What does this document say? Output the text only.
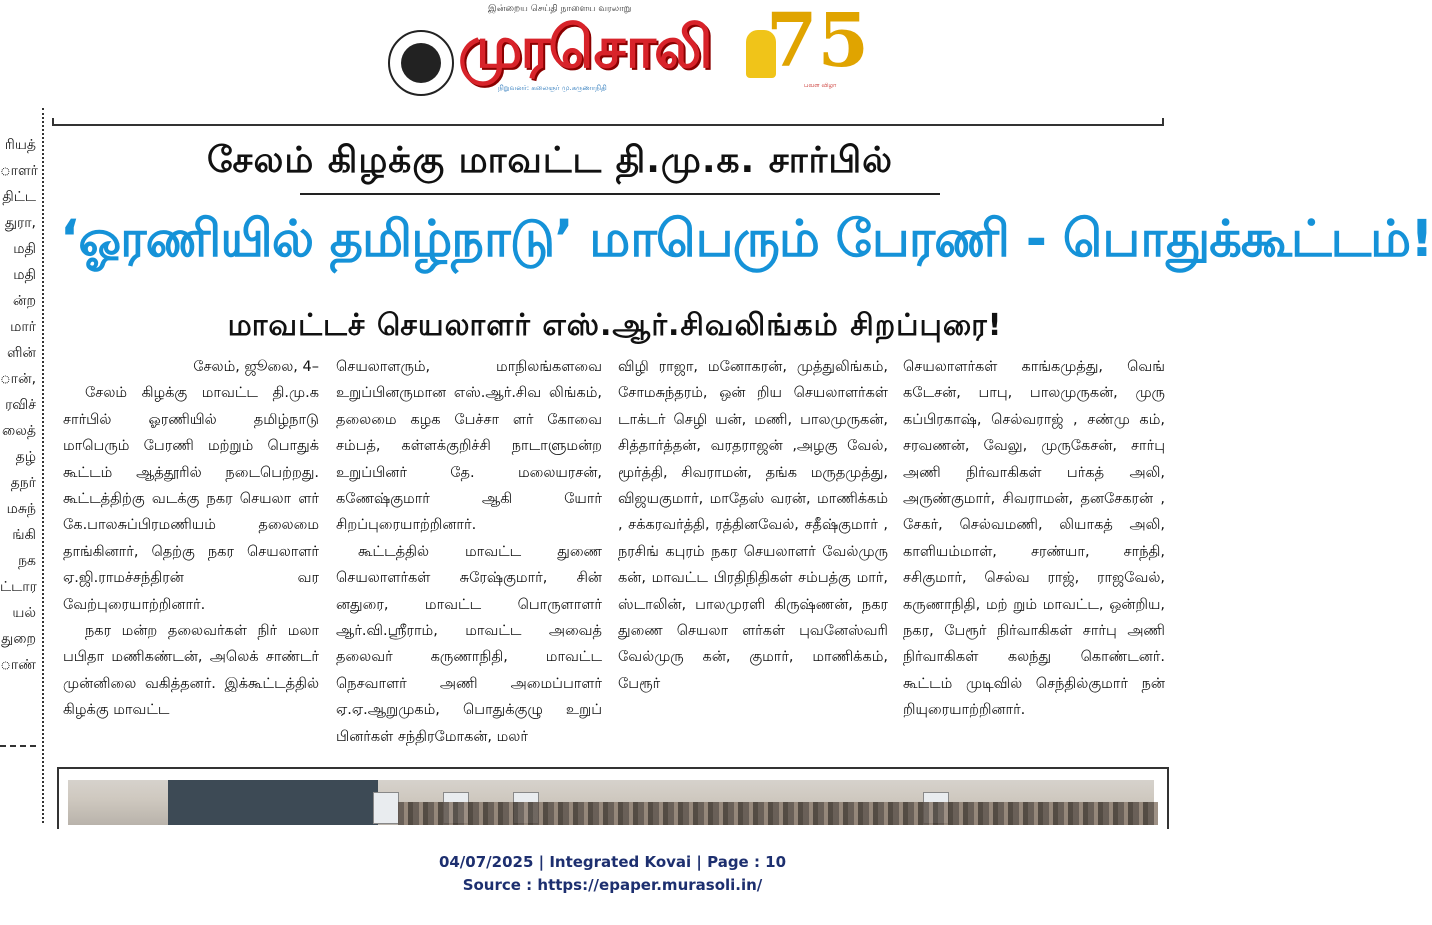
இன்றைய செய்தி நாளைய வரலாறு
முரசொலி
நிறுவனர்: கலைஞர் மு.கருணாநிதி
75
பவள விழா
ரியத்
ாளர்
திட்ட
துரா,
மதி
மதி
ன்ற
மார்
ளின்
ான்,
ரவிச்
லைத்
தழ்
தநர்
மசுந்
ங்கி
நக
ட்டார
யல்
துறை
ாண்
சேலம் கிழக்கு மாவட்ட தி.மு.க. சார்பில்
‘ஓரணியில் தமிழ்நாடு’ மாபெரும் பேரணி - பொதுக்கூட்டம்!
மாவட்டச் செயலாளர் எஸ்.ஆர்.சிவலிங்கம் சிறப்புரை!

சேலம், ஜூலை, 4–

சேலம் கிழக்கு மாவட்ட தி.மு.க சார்பில் ஓரணியில் தமிழ்நாடு மாபெரும் பேரணி மற்றும் பொதுக் கூட்டம் ஆத்தூரில் நடைபெற்றது. கூட்டத்திற்கு வடக்கு நகர செயலா ளர் கே.பாலசுப்பிரமணியம் தலைமை தாங்கினார், தெற்கு நகர செயலாளர் ஏ.ஜி.ராமச்சந்திரன் வர வேற்புரையாற்றினார்.

நகர மன்ற தலைவர்கள் நிர் மலா பபிதா மணிகண்டன், அலெக் சாண்டர் முன்னிலை வகித்தனர். இக்கூட்டத்தில் கிழக்கு மாவட்ட

செயலாளரும், மாநிலங்களவை உறுப்பினருமான எஸ்.ஆர்.சிவ லிங்கம், தலைமை கழக பேச்சா ளர் கோவை சம்பத், கள்ளக்குறிச்சி நாடாளுமன்ற உறுப்பினர் தே. மலையரசன், கணேஷ்குமார் ஆகி யோர் சிறப்புரையாற்றினார்.

கூட்டத்தில் மாவட்ட துணை செயலாளர்கள் சுரேஷ்குமார், சின் னதுரை, மாவட்ட பொருளாளர் ஆர்.வி.ஸ்ரீராம், மாவட்ட அவைத் தலைவர் கருணாநிதி, மாவட்ட நெசவாளர் அணி அமைப்பாளர் ஏ.ஏ.ஆறுமுகம், பொதுக்குழு உறுப் பினர்கள் சந்திரமோகன், மலர்

விழி ராஜா, மனோகரன், முத்துலிங்கம், சோமசுந்தரம், ஒன் றிய செயலாளர்கள் டாக்டர் செழி யன், மணி, பாலமுருகன், சித்தார்த்தன், வரதராஜன் ,அழகு வேல், மூர்த்தி, சிவராமன், தங்க மருதமுத்து, விஜயகுமார், மாதேஸ் வரன், மாணிக்கம் , சக்கரவர்த்தி, ரத்தினவேல், சதீஷ்குமார் , நரசிங் கபுரம் நகர செயலாளர் வேல்முரு கன், மாவட்ட பிரதிநிதிகள் சம்பத்கு மார், ஸ்டாலின், பாலமுரளி கிருஷ்ணன், நகர துணை செயலா ளர்கள் புவனேஸ்வரி வேல்முரு கன், குமார், மாணிக்கம், பேரூர்

செயலாளர்கள் காங்கமுத்து, வெங் கடேசன், பாபு, பாலமுருகன், முரு கப்பிரகாஷ், செல்வராஜ் , சண்மு கம், சரவணன், வேலு, முருகேசன், சார்பு அணி நிர்வாகிகள் பர்கத் அலி, அருண்குமார், சிவராமன், தனசேகரன் , சேகர், செல்வமணி, லியாகத் அலி, காளியம்மாள், சரண்யா, சாந்தி, சசிகுமார், செல்வ ராஜ், ராஜவேல், கருணாநிதி, மற் றும் மாவட்ட, ஒன்றிய, நகர, பேரூர் நிர்வாகிகள் சார்பு அணி நிர்வாகிகள் கலந்து கொண்டனர். கூட்டம் முடிவில் செந்தில்குமார் நன் றியுரையாற்றினார்.

04/07/2025 | Integrated Kovai | Page : 10
Source : https://epaper.murasoli.in/
